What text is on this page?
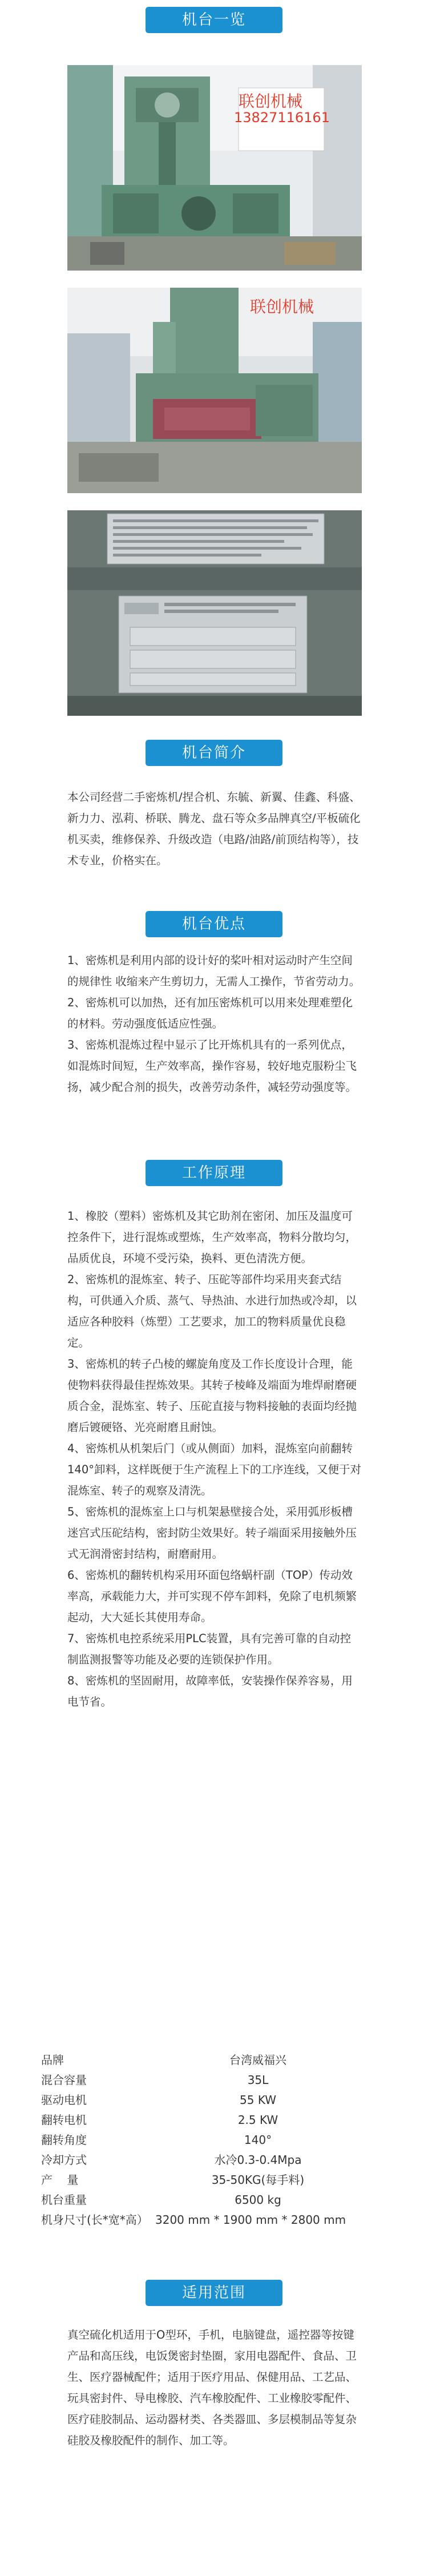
机台一览
联创机械
13827116161
联创机械
机台简介

本公司经营二手密炼机/捏合机、东毓、新翼、佳鑫、科盛、新力力、泓莉、桥联、腾龙、盘石等众多品牌真空/平板硫化机买卖，维修保养、升级改造（电路/油路/前顶结构等），技术专业，价格实在。

机台优点

1、密炼机是利用内部的设计好的桨叶相对运动时产生空间的规律性 收缩来产生剪切力，无需人工操作，节省劳动力。

2、密炼机可以加热，还有加压密炼机可以用来处理难塑化的材料。劳动强度低适应性强。

3、密炼机混炼过程中显示了比开炼机具有的一系列优点，如混炼时间短，生产效率高，操作容易，较好地克服粉尘飞扬，减少配合剂的损失，改善劳动条件，减轻劳动强度等。

工作原理

1、橡胶（塑料）密炼机及其它助剂在密闭、加压及温度可控条件下，进行混炼或塑炼，生产效率高，物料分散均匀，品质优良，环境不受污染，换料、更色清洗方便。

2、密炼机的混炼室、转子、压砣等部件均采用夹套式结构，可供通入介质、蒸气、导热油、水进行加热或冷却，以适应各种胶料（炼塑）工艺要求，加工的物料质量优良稳定。

3、密炼机的转子凸棱的螺旋角度及工作长度设计合理，能使物料获得最佳捏炼效果。其转子棱峰及端面为堆焊耐磨硬质合金，混炼室、转子、压砣直接与物料接触的表面均经抛磨后镀硬铬、光亮耐磨且耐蚀。

4、密炼机从机架后门（或从侧面）加料，混炼室向前翻转140°卸料，这样既便于生产流程上下的工序连线，又便于对混炼室、转子的观察及清洗。

5、密炼机的混炼室上口与机架悬壁接合处，采用弧形板槽迷宫式压砣结构，密封防尘效果好。转子端面采用接触外压式无润滑密封结构，耐磨耐用。

6、密炼机的翻转机构采用环面包络蜗杆副（TOP）传动效率高，承载能力大，并可实现不停车卸料，免除了电机频繁起动，大大延长其使用寿命。

7、密炼机电控系统采用PLC装置，具有完善可靠的自动控制监测报警等功能及必要的连锁保护作用。

8、密炼机的坚固耐用，故障率低，安装操作保养容易，用电节省。

品牌	台湾威福兴
混合容量	35L
驱动电机	55 KW
翻转电机	2.5 KW
翻转角度	140°
冷却方式	水冷0.3-0.4Mpa
产    量	35-50KG(每手料)
机台重量	6500 kg
机身尺寸(长*宽*高） 3200 mm * 1900 mm * 2800 mm
适用范围

真空硫化机适用于O型环，手机，电脑键盘，遥控器等按键产品和高压线，电饭煲密封垫圈，家用电器配件、食品、卫生、医疗器械配件；适用于医疗用品、保健用品、工艺品、玩具密封件、导电橡胶、汽车橡胶配件、工业橡胶零配件、医疗硅胶制品、运动器材类、各类器皿、多层模制品等复杂硅胶及橡胶配件的制作、加工等。
